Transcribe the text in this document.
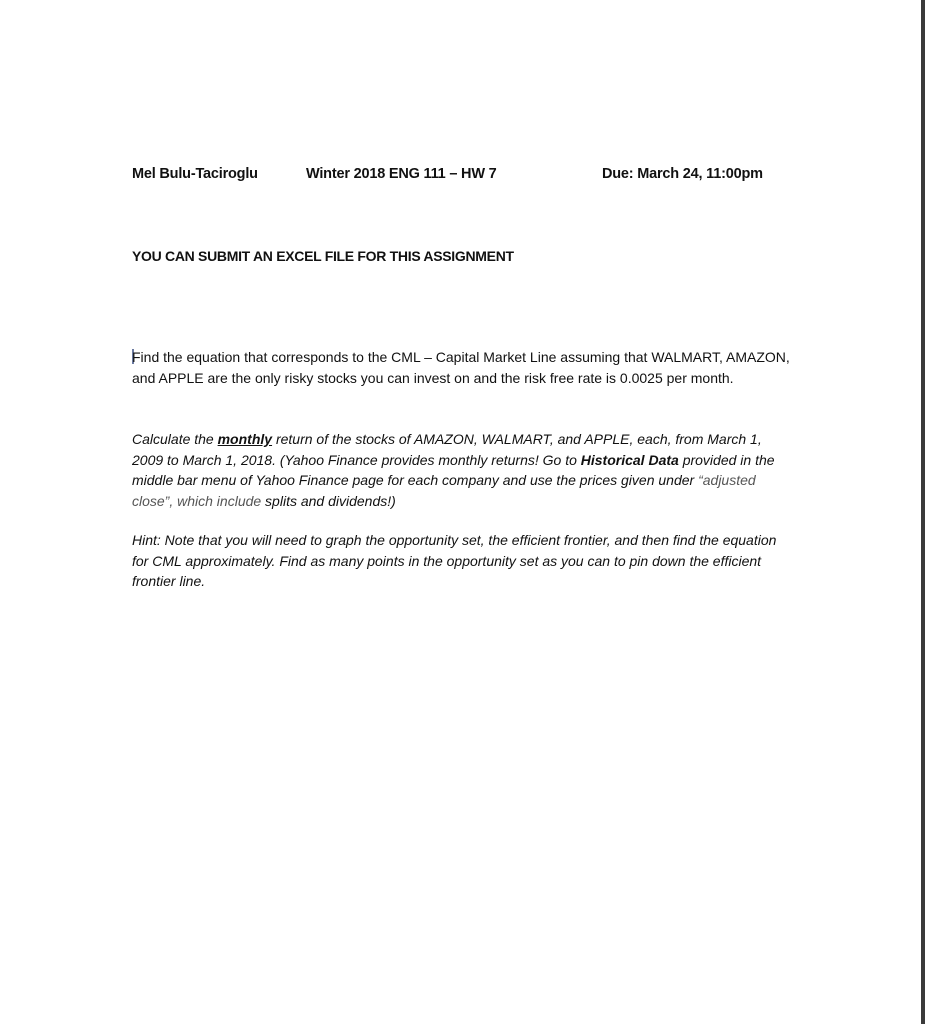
Mel Bulu-Taciroglu	Winter 2018 ENG 111 – HW 7	Due: March 24, 11:00pm
YOU CAN SUBMIT AN EXCEL FILE FOR THIS ASSIGNMENT

Find the equation that corresponds to the CML – Capital Market Line assuming that WALMART, AMAZON, and APPLE are the only risky stocks you can invest on and the risk free rate is 0.0025 per month.

Calculate the monthly return of the stocks of AMAZON, WALMART, and APPLE, each, from March 1, 2009 to March 1, 2018. (Yahoo Finance provides monthly returns! Go to Historical Data provided in the middle bar menu of Yahoo Finance page for each company and use the prices given under “adjusted close”, which include splits and dividends!)

Hint: Note that you will need to graph the opportunity set, the efficient frontier, and then find the equation for CML approximately. Find as many points in the opportunity set as you can to pin down the efficient frontier line.
